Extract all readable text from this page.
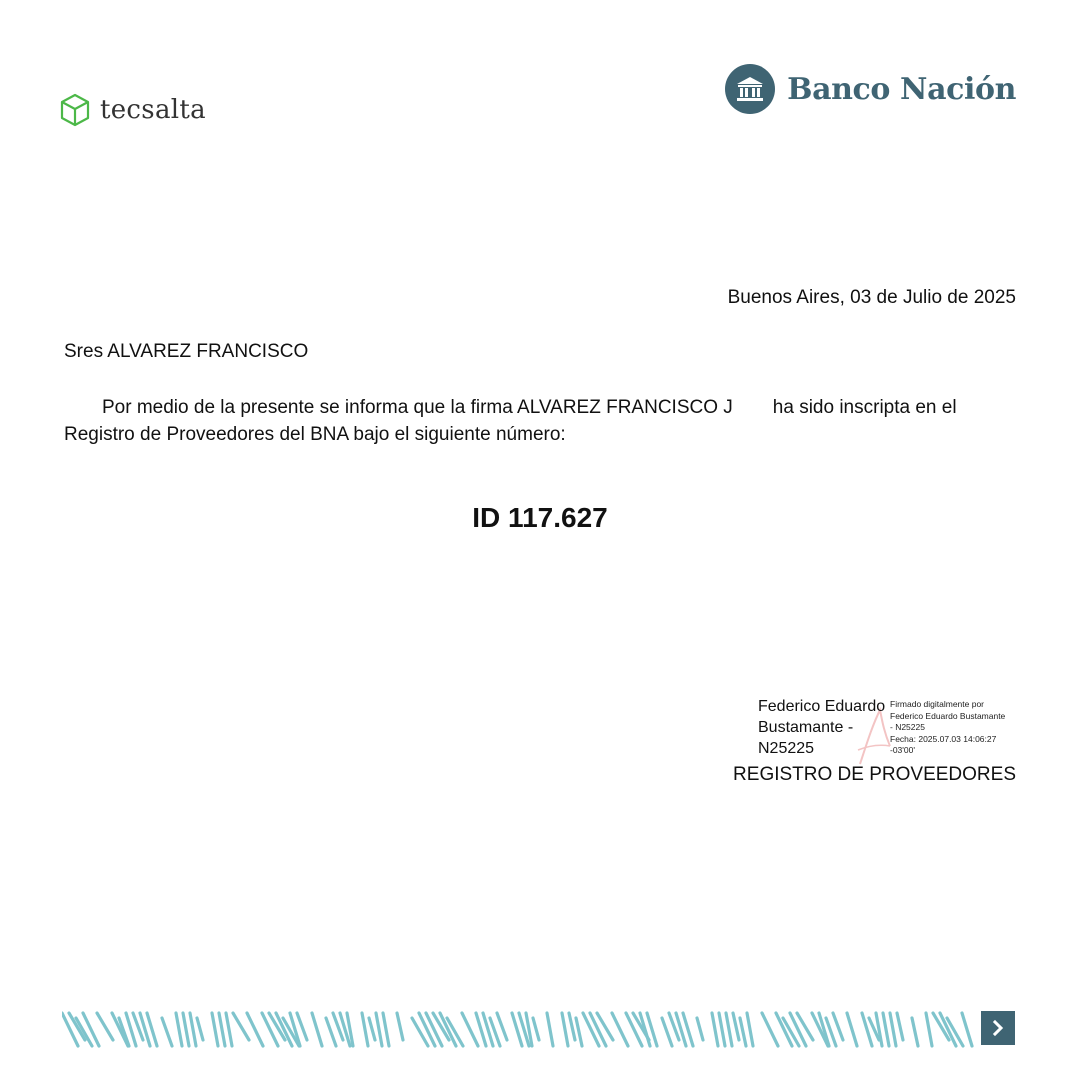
tecsalta
Banco Nación
Buenos Aires, 03 de Julio de 2025
Sres ALVAREZ FRANCISCO
Por medio de la presente se informa que la firma ALVAREZ FRANCISCO J ha sido inscripta en el
Registro de Proveedores del BNA bajo el siguiente número:
ID 117.627
Federico Eduardo
Bustamante -
N25225
Firmado digitalmente por
Federico Eduardo Bustamante
- N25225
Fecha: 2025.07.03 14:06:27
-03'00'
REGISTRO DE PROVEEDORES
